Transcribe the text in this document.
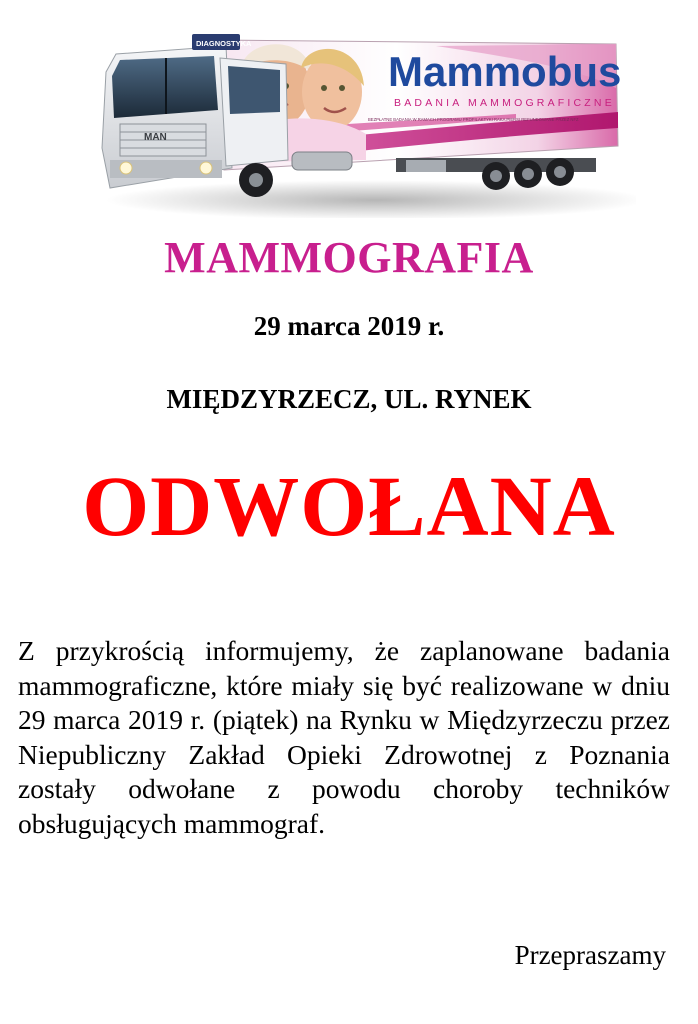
Mammobus
BADANIA MAMMOGRAFICZNE
BEZPŁATNE BADANIA W RAMACH PROGRAMU PROFILAKTYKI RAKA PIERSI REFUNDOWANE PRZEZ NFZ
DIAGNOSTYKA
MAN
MAMMOGRAFIA
29 marca 2019 r.
MIĘDZYRZECZ, UL. RYNEK
ODWOŁANA
Z przykrością informujemy, że zaplanowane badania mammograficzne, które miały się być realizowane w dniu 29 marca 2019 r. (piątek) na Rynku w Międzyrzeczu przez Niepubliczny Zakład Opieki Zdrowotnej z Poznania zostały odwołane z powodu choroby techników obsługujących mammograf.
Przepraszamy
